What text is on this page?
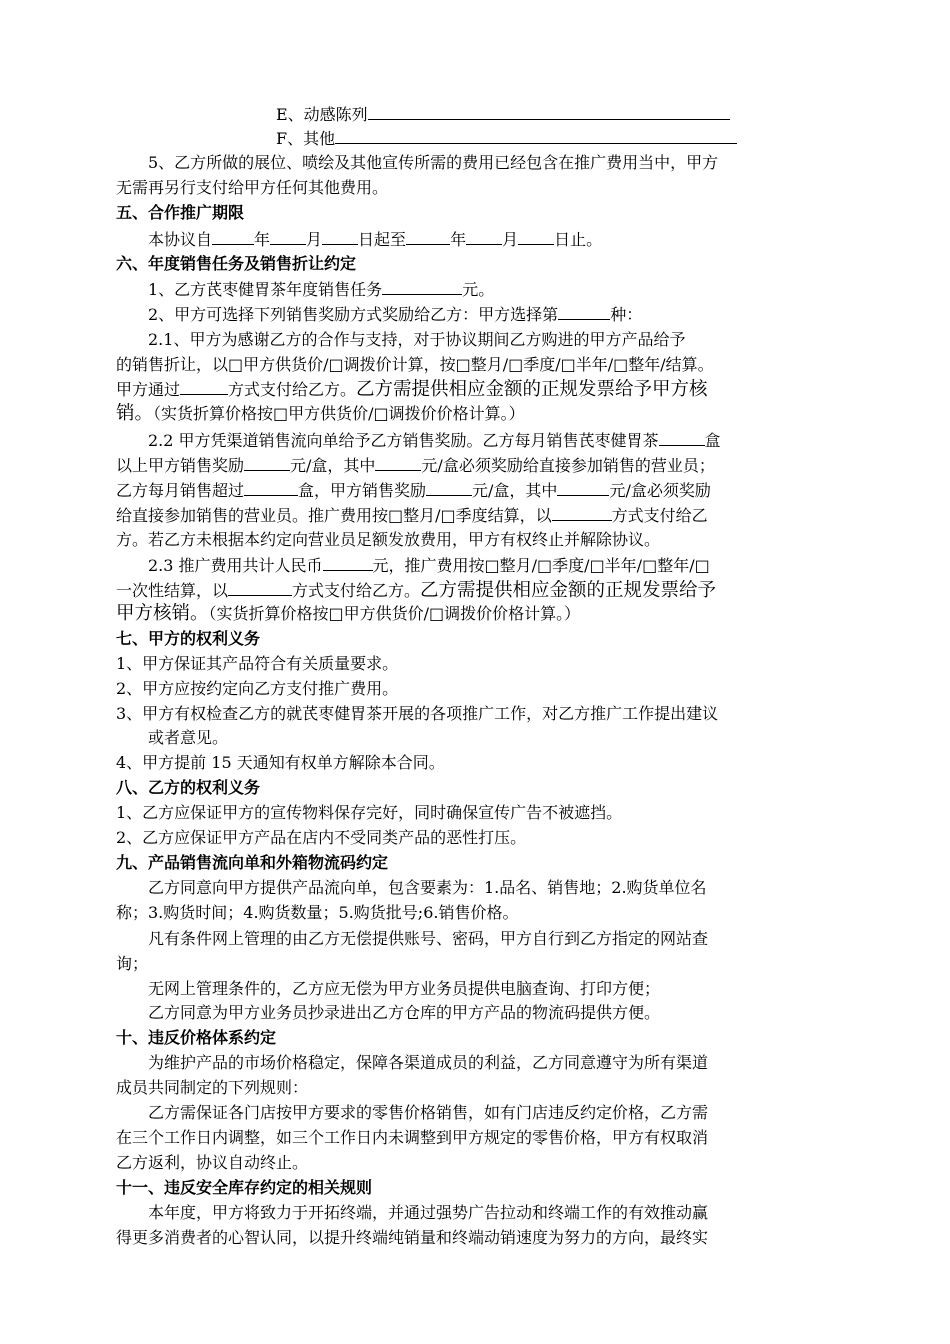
E、动感陈列
F、其他
5、乙方所做的展位、喷绘及其他宣传所需的费用已经包含在推广费用当中，甲方
无需再另行支付给甲方任何其他费用。
五、合作推广期限
本协议自	年 月 日起至	年 月 日止。
六、年度销售任务及销售折让约定
1、乙方芪枣健胃茶年度销售任务	元。
2、甲方可选择下列销售奖励方式奖励给乙方：甲方选择第	种：
2.1、甲方为感谢乙方的合作与支持，对于协议期间乙方购进的甲方产品给予
的销售折让，以□甲方供货价/□调拨价计算，按□整月/□季度/□半年/□整年/结算。
甲方通过	方式支付给乙方。乙方需提供相应金额的正规发票给予甲方核
销。（实货折算价格按□甲方供货价/□调拨价价格计算。）
2.2 甲方凭渠道销售流向单给予乙方销售奖励。乙方每月销售芪枣健胃茶	盒
以上甲方销售奖励	元/盒，其中	元/盒必须奖励给直接参加销售的营业员；
乙方每月销售超过	盒，甲方销售奖励	元/盒，其中	元/盒必须奖励
给直接参加销售的营业员。推广费用按□整月/□季度结算，以	方式支付给乙
方。若乙方未根据本约定向营业员足额发放费用，甲方有权终止并解除协议。
2.3 推广费用共计人民币	元，推广费用按□整月/□季度/□半年/□整年/□
一次性结算，以	方式支付给乙方。乙方需提供相应金额的正规发票给予
甲方核销。（实货折算价格按□甲方供货价/□调拨价价格计算。）
七、甲方的权利义务
1、甲方保证其产品符合有关质量要求。
2、甲方应按约定向乙方支付推广费用。
3、甲方有权检查乙方的就芪枣健胃茶开展的各项推广工作，对乙方推广工作提出建议
或者意见。
4、甲方提前 15 天通知有权单方解除本合同。
八、乙方的权利义务
1、乙方应保证甲方的宣传物料保存完好，同时确保宣传广告不被遮挡。
2、乙方应保证甲方产品在店内不受同类产品的恶性打压。
九、产品销售流向单和外箱物流码约定
乙方同意向甲方提供产品流向单，包含要素为：1.品名、销售地；2.购货单位名
称；3.购货时间；4.购货数量；5.购货批号;6.销售价格。
凡有条件网上管理的由乙方无偿提供账号、密码，甲方自行到乙方指定的网站查
询；
无网上管理条件的，乙方应无偿为甲方业务员提供电脑查询、打印方便；
乙方同意为甲方业务员抄录进出乙方仓库的甲方产品的物流码提供方便。
十、违反价格体系约定
为维护产品的市场价格稳定，保障各渠道成员的利益，乙方同意遵守为所有渠道
成员共同制定的下列规则：
乙方需保证各门店按甲方要求的零售价格销售，如有门店违反约定价格，乙方需
在三个工作日内调整，如三个工作日内未调整到甲方规定的零售价格，甲方有权取消
乙方返利，协议自动终止。
十一、违反安全库存约定的相关规则
本年度，甲方将致力于开拓终端，并通过强势广告拉动和终端工作的有效推动赢
得更多消费者的心智认同，以提升终端纯销量和终端动销速度为努力的方向，最终实
